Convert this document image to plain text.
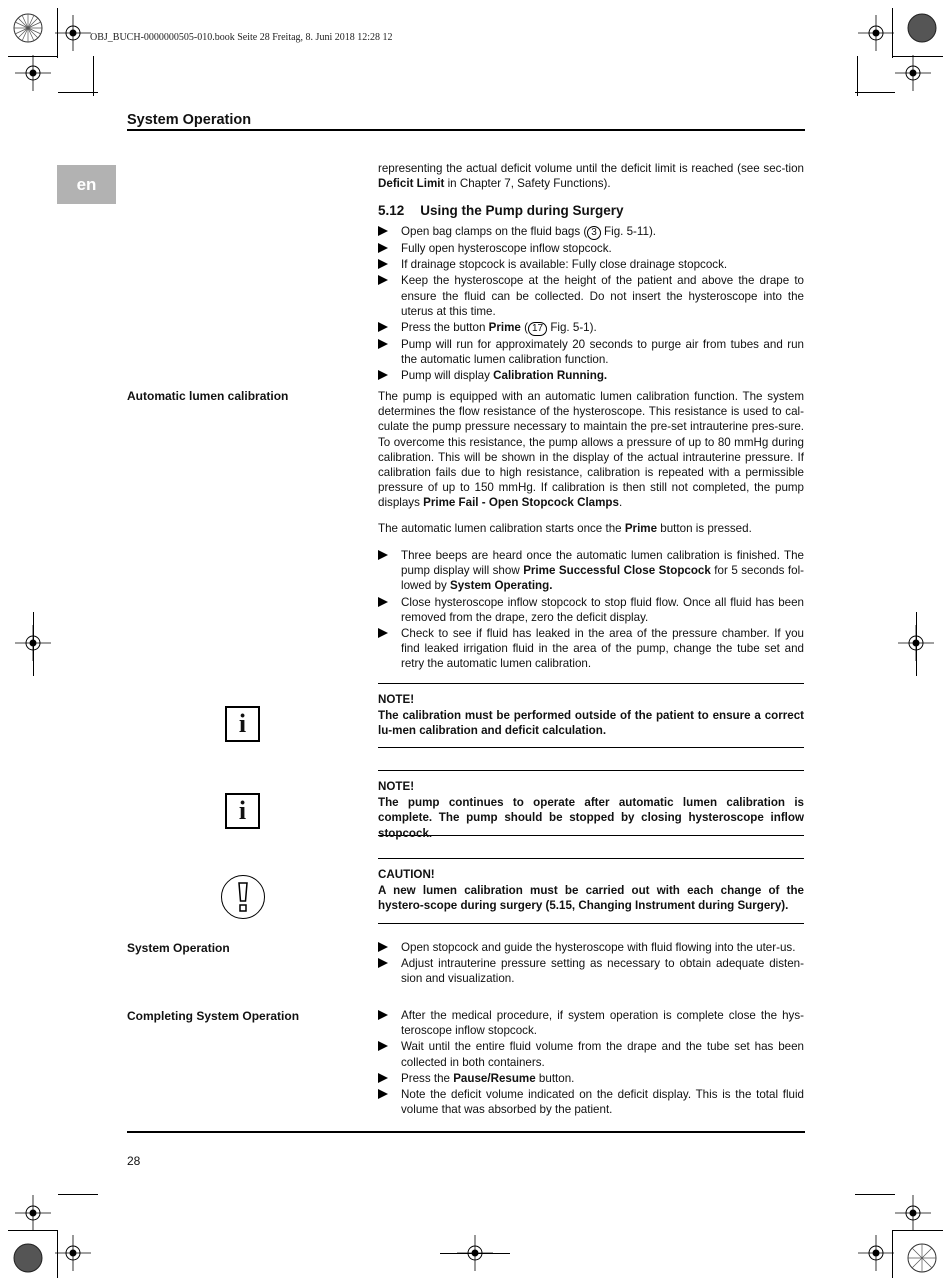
OBJ_BUCH-0000000505-010.book Seite 28 Freitag, 8. Juni 2018 12:28 12
System Operation
en
representing the actual deficit volume until the deficit limit is reached (see sec-tion Deficit Limit in Chapter 7, Safety Functions).
5.12 Using the Pump during Surgery
Open bag clamps on the fluid bags ( 3 Fig. 5-11).
Fully open hysteroscope inflow stopcock.
If drainage stopcock is available: Fully close drainage stopcock.
Keep the hysteroscope at the height of the patient and above the drape to ensure the fluid can be collected. Do not insert the hysteroscope into the uterus at this time.
Press the button Prime ( 17 Fig. 5-1).
Pump will run for approximately 20 seconds to purge air from tubes and run the automatic lumen calibration function.
Pump will display Calibration Running.
Automatic lumen calibration	The pump is equipped with an automatic lumen calibration function. The system determines the flow resistance of the hysteroscope. This resistance is used to cal-culate the pump pressure necessary to maintain the pre-set intrauterine pres-sure. To overcome this resistance, the pump allows a pressure of up to 80 mmHg during calibration. This will be shown in the display of the actual intrauterine pressure. If calibration fails due to high resistance, calibration is repeated with a permissible pressure of up to 150 mmHg. If calibration is then still not completed, the pump displays Prime Fail - Open Stopcock Clamps.
The automatic lumen calibration starts once the Prime button is pressed.
Three beeps are heard once the automatic lumen calibration is finished. The pump display will show Prime Successful Close Stopcock for 5 seconds fol-lowed by System Operating.
Close hysteroscope inflow stopcock to stop fluid flow. Once all fluid has been removed from the drape, zero the deficit display.
Check to see if fluid has leaked in the area of the pressure chamber. If you find leaked irrigation fluid in the area of the pump, change the tube set and retry the automatic lumen calibration.
i
NOTE!
The calibration must be performed outside of the patient to ensure a correct lu-men calibration and deficit calculation.
i
NOTE!
The pump continues to operate after automatic lumen calibration is complete. The pump should be stopped by closing hysteroscope inflow stopcock.
CAUTION!
A new lumen calibration must be carried out with each change of the hystero-scope during surgery (5.15, Changing Instrument during Surgery).
System Operation	Open stopcock and guide the hysteroscope with fluid flowing into the uter-us.
Adjust intrauterine pressure setting as necessary to obtain adequate disten-sion and visualization.
Completing System Operation	After the medical procedure, if system operation is complete close the hys-teroscope inflow stopcock.
Wait until the entire fluid volume from the drape and the tube set has been collected in both containers.
Press the Pause/Resume button.
Note the deficit volume indicated on the deficit display. This is the total fluid volume that was absorbed by the patient.
28
